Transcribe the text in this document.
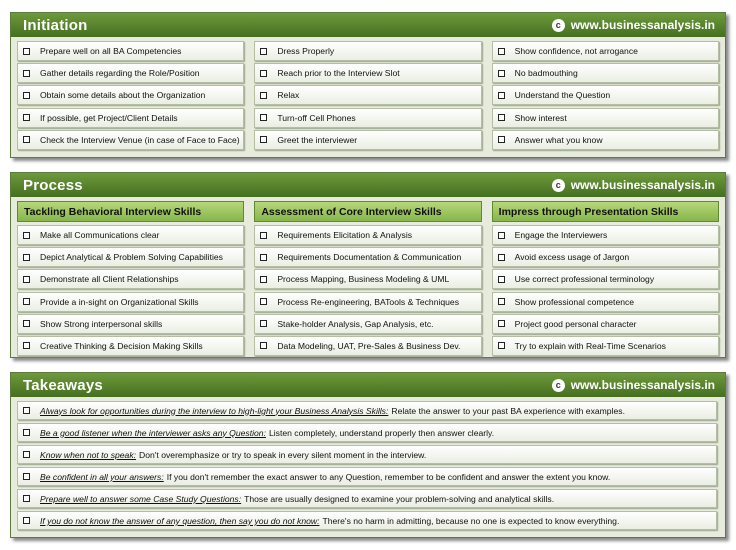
Initiation	c www.businessanalysis.in
Prepare well on all BA Competencies
Gather details regarding the Role/Position
Obtain some details about the Organization
If possible, get Project/Client Details
Check the Interview Venue (in case of Face to Face)
Dress Properly
Reach prior to the Interview Slot
Relax
Turn-off Cell Phones
Greet the interviewer
Show confidence, not arrogance
No badmouthing
Understand the Question
Show interest
Answer what you know
Process	c www.businessanalysis.in
Tackling Behavioral Interview Skills
Make all Communications clear
Depict Analytical & Problem Solving Capabilities
Demonstrate all Client Relationships
Provide a in-sight on Organizational Skills
Show Strong interpersonal skills
Creative Thinking & Decision Making Skills
Assessment of Core Interview Skills
Requirements Elicitation & Analysis
Requirements Documentation & Communication
Process Mapping, Business Modeling & UML
Process Re-engineering, BATools & Techniques
Stake-holder Analysis, Gap Analysis, etc.
Data Modeling, UAT, Pre-Sales & Business Dev.
Impress through Presentation Skills
Engage the Interviewers
Avoid excess usage of Jargon
Use correct professional terminology
Show professional competence
Project good personal character
Try to explain with Real-Time Scenarios
Takeaways	c www.businessanalysis.in
Always look for opportunities during the interview to high-light your Business Analysis Skills: Relate the answer to your past BA experience with examples.
Be a good listener when the interviewer asks any Question: Listen completely, understand properly then answer clearly.
Know when not to speak: Don't overemphasize or try to speak in every silent moment in the interview.
Be confident in all your answers: If you don't remember the exact answer to any Question, remember to be confident and answer the extent you know.
Prepare well to answer some Case Study Questions: Those are usually designed to examine your problem-solving and analytical skills.
If you do not know the answer of any question, then say you do not know: There's no harm in admitting, because no one is expected to know everything.
